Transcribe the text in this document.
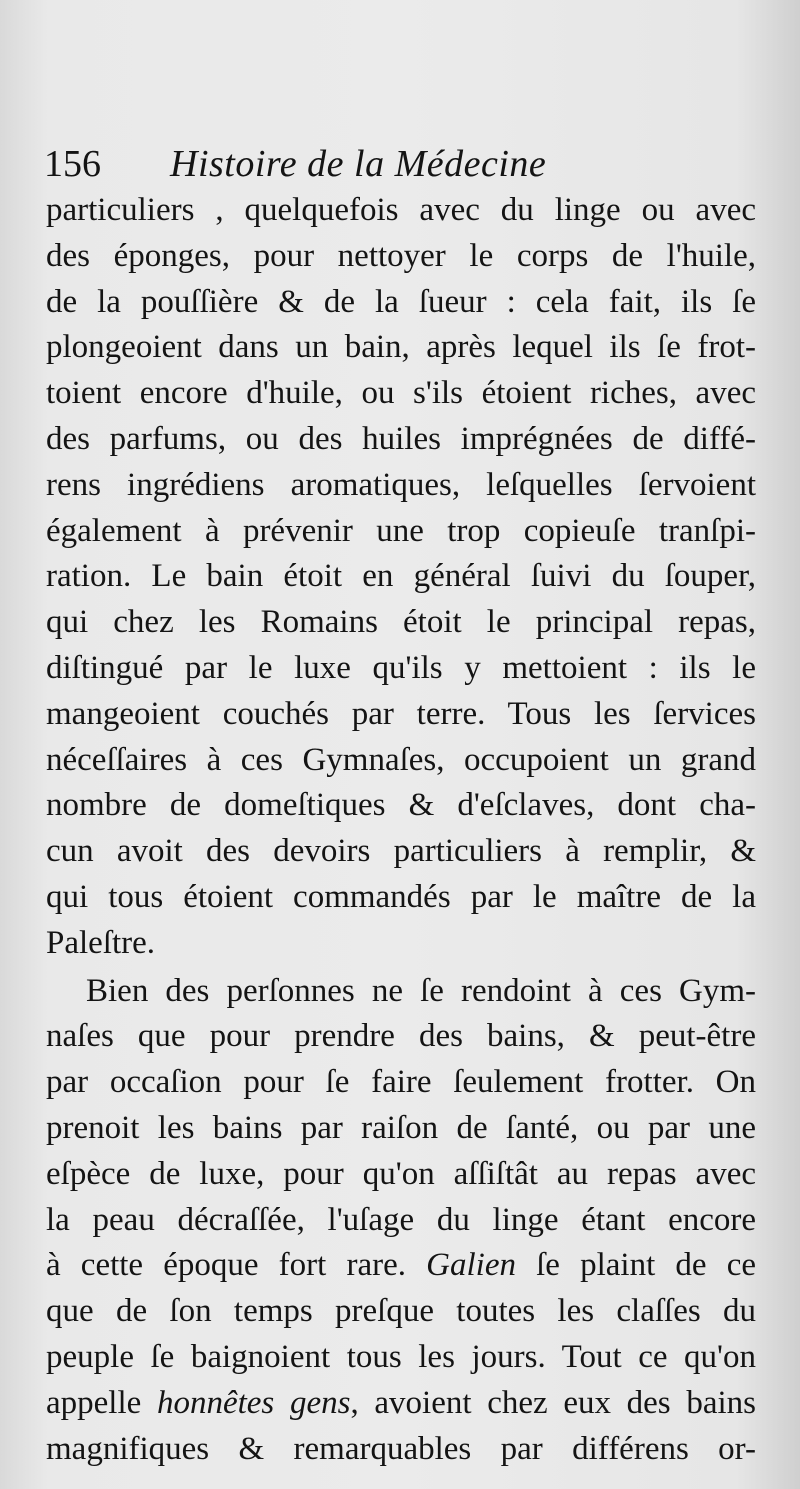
156 Histoire de la Médecine
particuliers , quelquefois avec du linge ou avec
des éponges, pour nettoyer le corps de l'huile,
de la pouſſière & de la ſueur : cela fait, ils ſe
plongeoient dans un bain, après lequel ils ſe frot-
toient encore d'huile, ou s'ils étoient riches, avec
des parfums, ou des huiles imprégnées de diffé-
rens ingrédiens aromatiques, leſquelles ſervoient
également à prévenir une trop copieuſe tranſpi-
ration. Le bain étoit en général ſuivi du ſouper,
qui chez les Romains étoit le principal repas,
diſtingué par le luxe qu'ils y mettoient : ils le
mangeoient couchés par terre. Tous les ſervices
néceſſaires à ces Gymnaſes, occupoient un grand
nombre de domeſtiques & d'eſclaves, dont cha-
cun avoit des devoirs particuliers à remplir, &
qui tous étoient commandés par le maître de la
Paleſtre.
Bien des perſonnes ne ſe rendoint à ces Gym-
naſes que pour prendre des bains, & peut-être
par occaſion pour ſe faire ſeulement frotter. On
prenoit les bains par raiſon de ſanté, ou par une
eſpèce de luxe, pour qu'on aſſiſtât au repas avec
la peau décraſſée, l'uſage du linge étant encore
à cette époque fort rare. Galien ſe plaint de ce
que de ſon temps preſque toutes les claſſes du
peuple ſe baignoient tous les jours. Tout ce qu'on
appelle honnêtes gens, avoient chez eux des bains
magnifiques & remarquables par différens or-
